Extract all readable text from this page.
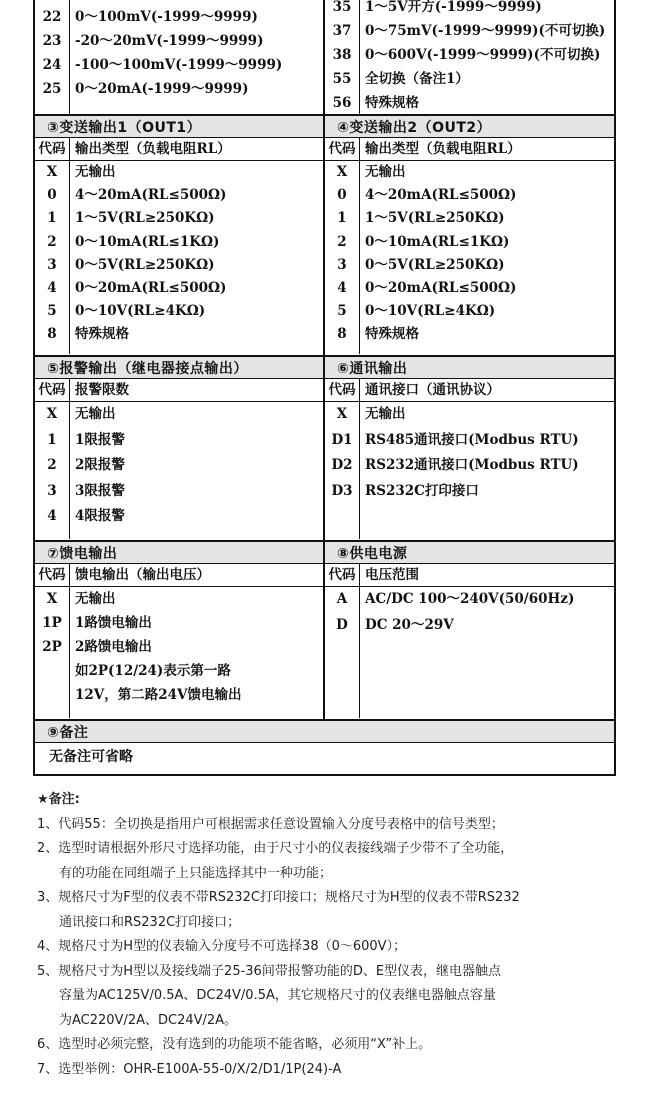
22	0～100mV(-1999～9999)
23	-20～20mV(-1999～9999)
24	-100～100mV(-1999～9999)
25	0～20mA(-1999～9999)
35	1～5V开方(-1999～9999)
37	0～75mV(-1999～9999)(不可切换)
38	0～600V(-1999～9999)(不可切换)
55	全切换（备注1）
56	特殊规格
③变送输出1（OUT1）
代码 输出类型（负载电阻RL）
X	无输出
0	4～20mA(RL≤500Ω)
1	1～5V(RL≥250KΩ)
2	0～10mA(RL≤1KΩ)
3	0～5V(RL≥250KΩ)
4	0～20mA(RL≤500Ω)
5	0～10V(RL≥4KΩ)
8	特殊规格
④变送输出2（OUT2）
代码 输出类型（负载电阻RL）
X	无输出
0	4～20mA(RL≤500Ω)
1	1～5V(RL≥250KΩ)
2	0～10mA(RL≤1KΩ)
3	0～5V(RL≥250KΩ)
4	0～20mA(RL≤500Ω)
5	0～10V(RL≥4KΩ)
8	特殊规格
⑤报警输出（继电器接点输出）
代码 报警限数
X	无输出
1	1限报警
2	2限报警
3	3限报警
4	4限报警
⑥通讯输出
代码 通讯接口（通讯协议）
X	无输出
D1 RS485通讯接口(Modbus RTU)
D2 RS232通讯接口(Modbus RTU)
D3 RS232C打印接口
⑦馈电输出
代码 馈电输出（输出电压）
X	无输出
1P 1路馈电输出
2P 2路馈电输出
如2P(12/24)表示第一路
12V，第二路24V馈电输出
⑧供电电源
代码 电压范围
A	AC/DC 100～240V(50/60Hz)
D	DC 20～29V
⑨备注
无备注可省略
★备注:
1、代码55：全切换是指用户可根据需求任意设置输入分度号表格中的信号类型；
2、选型时请根据外形尺寸选择功能，由于尺寸小的仪表接线端子少带不了全功能，
有的功能在同组端子上只能选择其中一种功能；
3、规格尺寸为F型的仪表不带RS232C打印接口；规格尺寸为H型的仪表不带RS232
通讯接口和RS232C打印接口；
4、规格尺寸为H型的仪表输入分度号不可选择38（0～600V）；
5、规格尺寸为H型以及接线端子25-36间带报警功能的D、E型仪表，继电器触点
容量为AC125V/0.5A、DC24V/0.5A，其它规格尺寸的仪表继电器触点容量
为AC220V/2A、DC24V/2A。
6、选型时必须完整，没有选到的功能项不能省略，必须用“X”补上。
7、选型举例：OHR-E100A-55-0/X/2/D1/1P(24)-A
